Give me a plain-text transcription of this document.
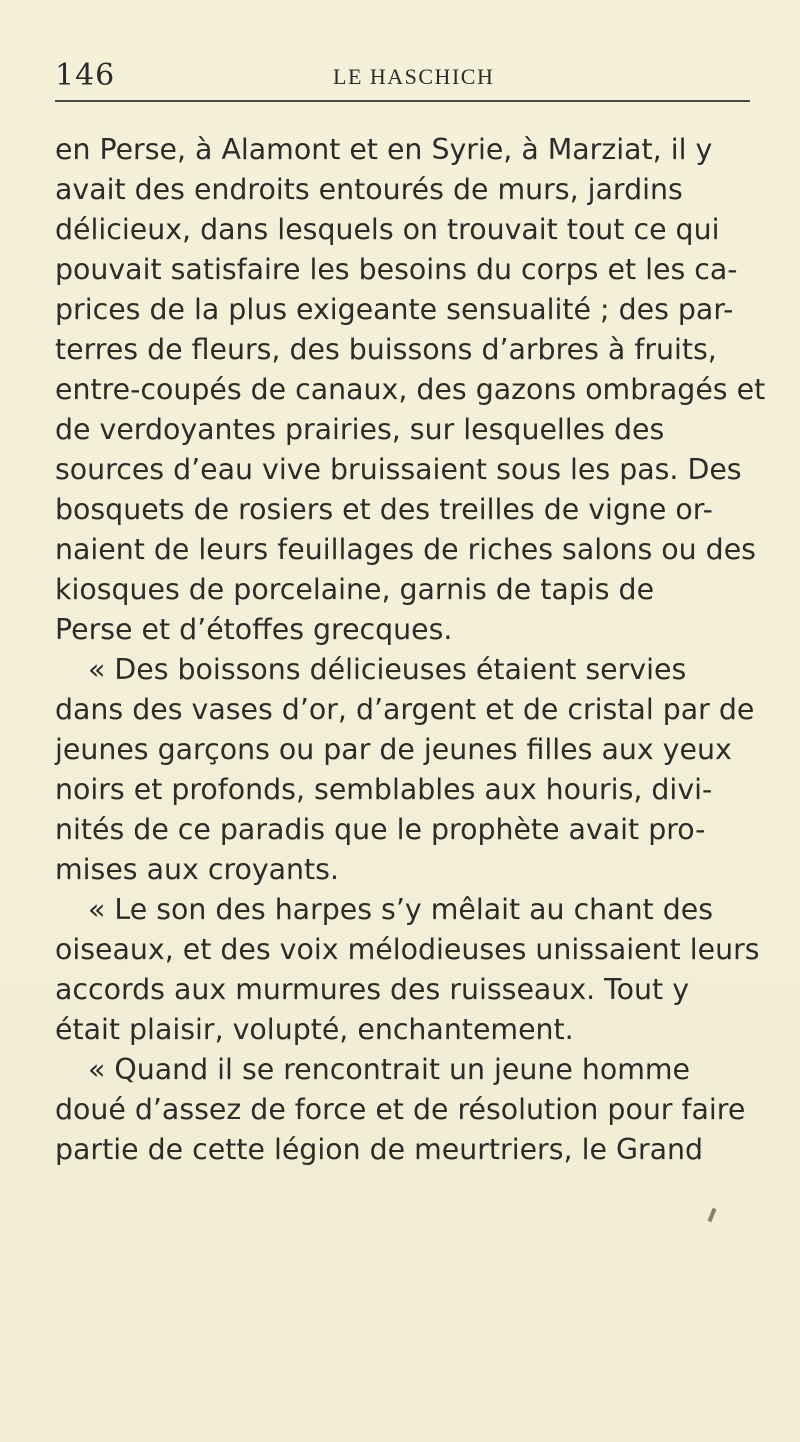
146	LE HASCHICH
en Perse, à Alamont et en Syrie, à Marziat, il y
avait des endroits entourés de murs, jardins
délicieux, dans lesquels on trouvait tout ce qui
pouvait satisfaire les besoins du corps et les ca-
prices de la plus exigeante sensualité ; des par-
terres de fleurs, des buissons d’arbres à fruits,
entre-coupés de canaux, des gazons ombragés et
de verdoyantes prairies, sur lesquelles des
sources d’eau vive bruissaient sous les pas. Des
bosquets de rosiers et des treilles de vigne or-
naient de leurs feuillages de riches salons ou des
kiosques de porcelaine, garnis de tapis de
Perse et d’étoffes grecques.
« Des boissons délicieuses étaient servies
dans des vases d’or, d’argent et de cristal par de
jeunes garçons ou par de jeunes filles aux yeux
noirs et profonds, semblables aux houris, divi-
nités de ce paradis que le prophète avait pro-
mises aux croyants.
« Le son des harpes s’y mêlait au chant des
oiseaux, et des voix mélodieuses unissaient leurs
accords aux murmures des ruisseaux. Tout y
était plaisir, volupté, enchantement.
« Quand il se rencontrait un jeune homme
doué d’assez de force et de résolution pour faire
partie de cette légion de meurtriers, le Grand
